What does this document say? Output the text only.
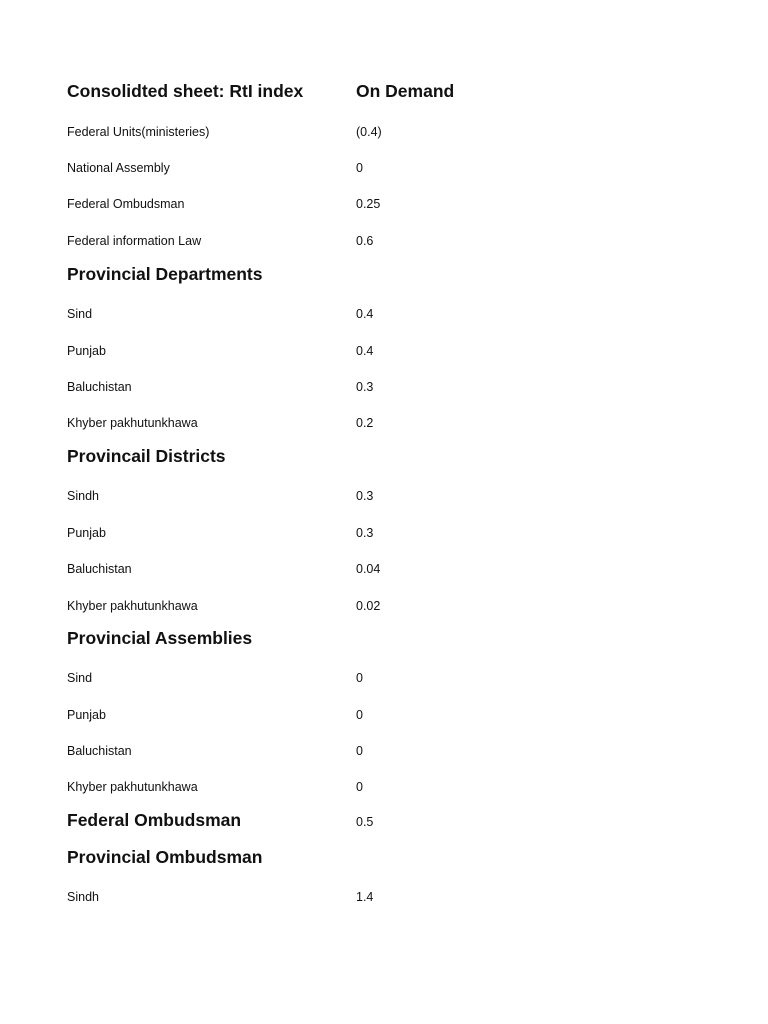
Consolidted sheet: RtI index	On Demand
Federal Units(ministeries)	(0.4)
National Assembly	0
Federal Ombudsman	0.25
Federal information Law	0.6
Provincial Departments
Sind	0.4
Punjab	0.4
Baluchistan	0.3
Khyber pakhutunkhawa	0.2
Provincail Districts
Sindh	0.3
Punjab	0.3
Baluchistan	0.04
Khyber pakhutunkhawa	0.02
Provincial Assemblies
Sind	0
Punjab	0
Baluchistan	0
Khyber pakhutunkhawa	0
Federal Ombudsman	0.5
Provincial Ombudsman
Sindh	1.4
